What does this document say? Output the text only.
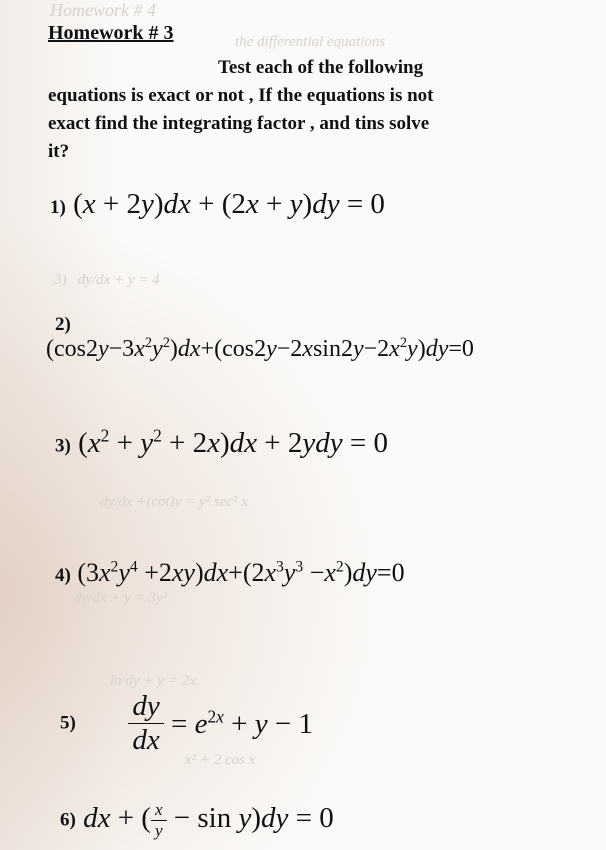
Homework # 4
the differential equations
3)   dy/dx + y = 4
dy/dx +(cot)y = y² sec² x
dy/dx + y = 3y²
ln dy + y = 2x
x² + 2 cos x
Homework # 3
Test each of the following
equations is exact or not , If the equations is not
exact find the integrating factor , and tins solve
it?
1) (x + 2y)dx + (2x + y)dy = 0
2)
$(\cos 2y-3x^2y^2)dx+(\cos 2y-2xsin2y-2x^2y)dy=0$
3) $(x^2 + y^2 + 2x)dx + 2ydy = 0$
4) $(3x^2y^4 +2xy)dx+(2x^3y^3 -x^2)dy=0$
$5) \frac{dy}{dx} = e^{2x} + y - 1$
6) dx + ( $\frac{x}{y} - \sin y)dy = 0$
